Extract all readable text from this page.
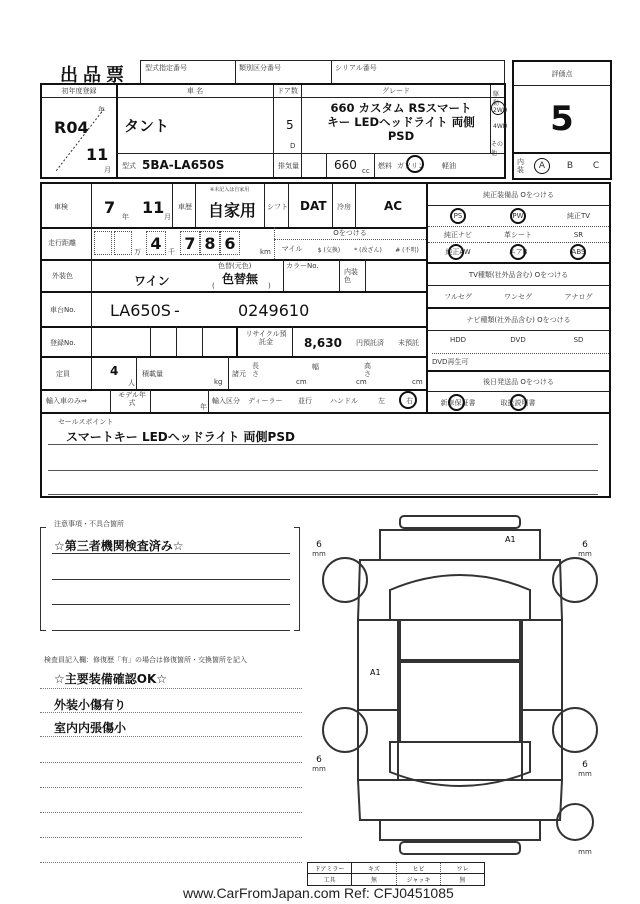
出品票 型式指定番号	類別区分番号	シリアル番号
評価点
5
内装	A	B	C
初年度登録	車 名	ドア数	グレード
年
R04
11
月
タント	5
D
660 カスタム RSスマートキー LEDヘッドライト 両側PSD
駆動
2WD
4WD
その他
型式 5BA-LA650S	排気量	660 cc
燃料 ガソリン 軽油
車検 7 年 11 月
車歴
※未記入は自家用
自家用 シフト DAT 冷房	AC
走行距離
万 4 千 7 8 6	km
Oをつける
マイル	$ (交換)	* (改ざん)	# (不明)
外装色	ワイン
色替(元色)
色替無
(	)
カラーNo.
内装色
車台No. LA650S -	0249610
登録No.
リサイクル預託金	8,630 円預託済 未預託
定員	4
人
積載量
kg
諸元
長さ
cm
幅
cm
高さ
cm
輸入車のみ⇒
モデル年式	年
輸入区分 ディーラー 並行	ハンドル	左	右
セールスポイント
スマートキー LEDヘッドライト 両側PSD
純正装備品 Oをつける
PS	PW	純正TV
純正ナビ	革シート	SR
純正AW	エアB	ABS
TV種類(社外品含む) Oをつける
フルセグ	ワンセグ	アナログ
ナビ種類(社外品含む) Oをつける
HDD	DVD	SD
DVD再生可
後日発送品 Oをつける
新車保証書	取扱説明書
注意事項・不具合箇所
☆第三者機関検査済み☆
検査員記入欄：修復歴「有」の場合は修復箇所・交換箇所を記入
☆主要装備確認OK☆
外装小傷有り
室内内張傷小
A1
A1
6
mm
6
mm
6
mm	6
mm
mm
ドアミラー	キズ	ヒビ	ワレ
工具	無	ジャッキ	無
www.CarFromJapan.com Ref: CFJ0451085
